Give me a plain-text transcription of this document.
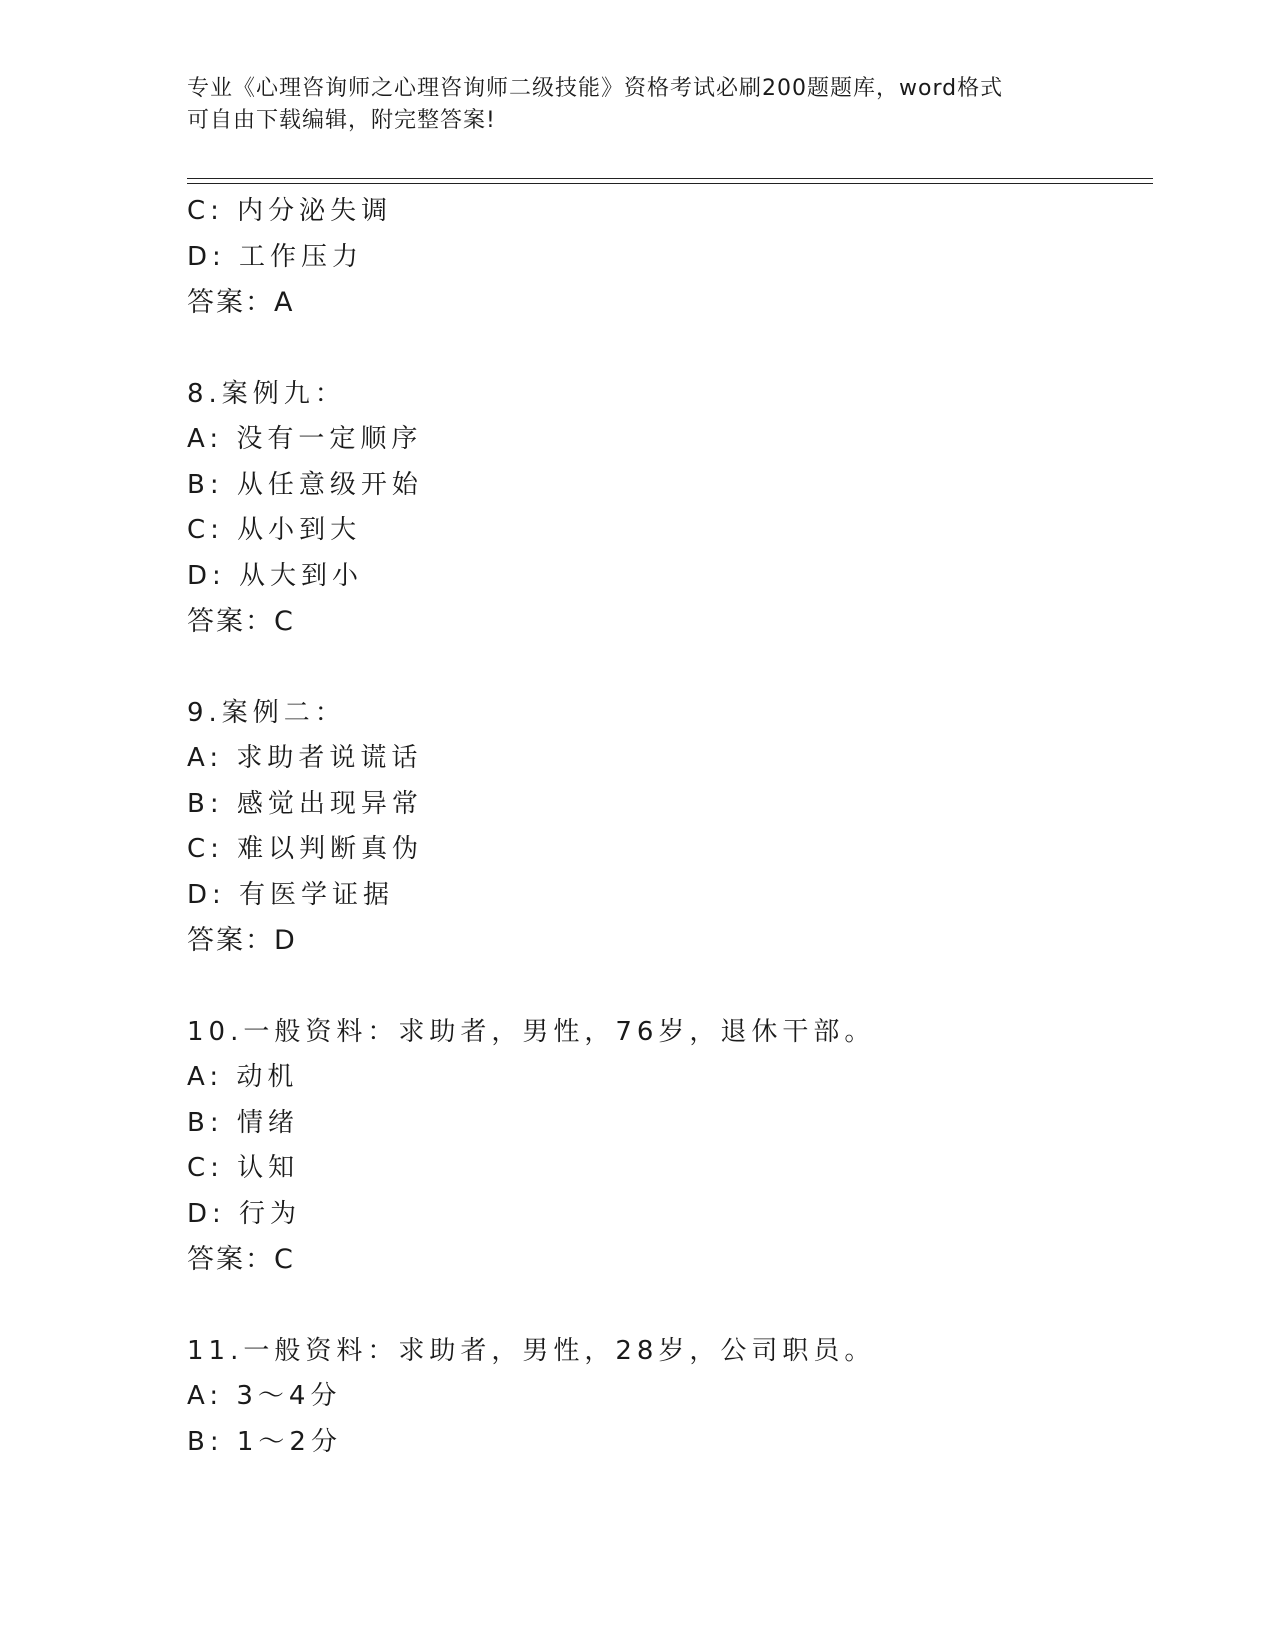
专业《心理咨询师之心理咨询师二级技能》资格考试必刷200题题库，word格式
可自由下载编辑，附完整答案!
C: 内分泌失调
D: 工作压力
答案：A
8.案例九：
A: 没有一定顺序
B: 从任意级开始
C: 从小到大
D: 从大到小
答案：C
9.案例二：
A: 求助者说谎话
B: 感觉出现异常
C: 难以判断真伪
D: 有医学证据
答案：D
10.一般资料：求助者，男性，76岁，退休干部。
A: 动机
B: 情绪
C: 认知
D: 行为
答案：C
11.一般资料：求助者，男性，28岁，公司职员。
A: 3～4分
B: 1～2分
